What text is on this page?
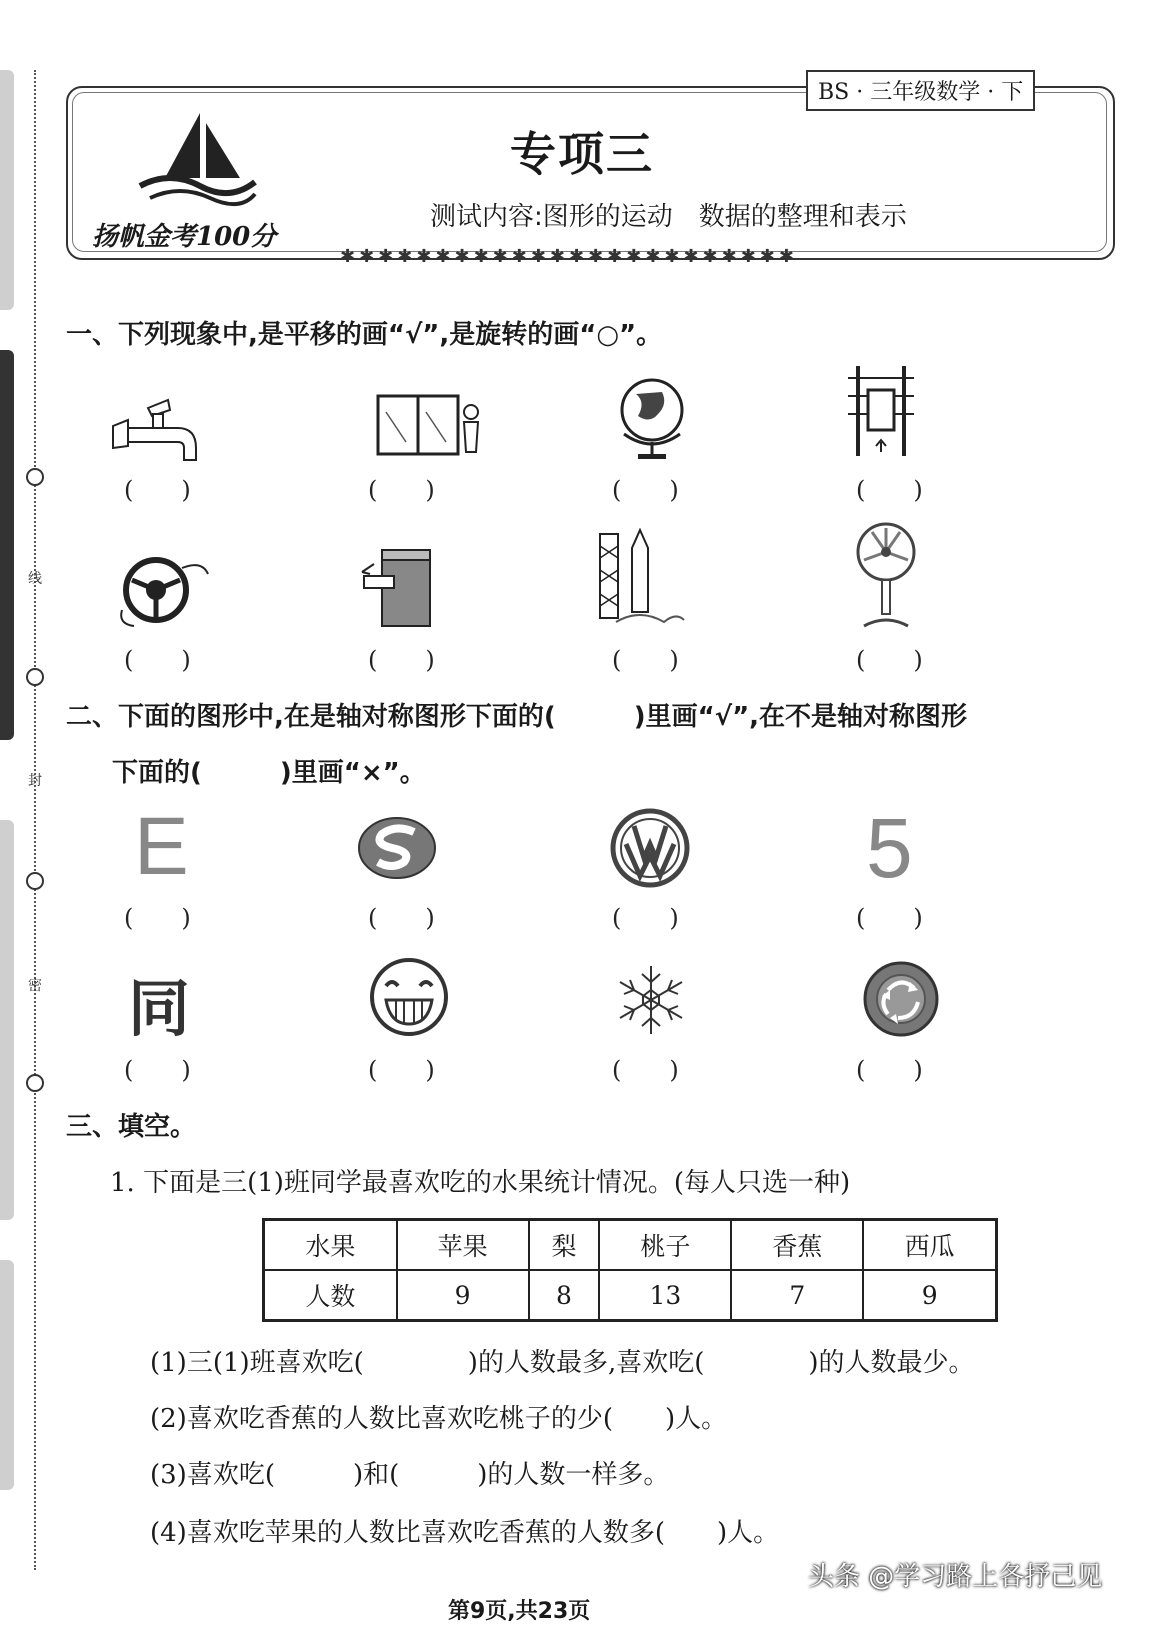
线
封
密
BS · 三年级数学 · 下
扬帆金考100分
专项三
测试内容:图形的运动　数据的整理和表示
✱✱✱✱✱✱✱✱✱✱✱✱✱✱✱✱✱✱✱✱✱✱✱✱
一、下列现象中,是平移的画“√”,是旋转的画“○”。
(　　)	(　　)	(　　)	(　　)
(　　)	(　　)	(　　)	(　　)
二、下面的图形中,在是轴对称图形下面的(　　　)里画“√”,在不是轴对称图形
下面的(　　　)里画“×”。
E	5
(　　)	(　　)	(　　)	(　　)
同
(　　)	(　　)	(　　)	(　　)
三、填空。
1. 下面是三(1)班同学最喜欢吃的水果统计情况。(每人只选一种)
水果	苹果	梨	桃子	香蕉	西瓜
人数	9	8	13	7	9
(1)三(1)班喜欢吃(　　　　)的人数最多,喜欢吃(　　　　)的人数最少。
(2)喜欢吃香蕉的人数比喜欢吃桃子的少(　　)人。
(3)喜欢吃(　　　)和(　　　)的人数一样多。
(4)喜欢吃苹果的人数比喜欢吃香蕉的人数多(　　)人。
头条 @学习路上各抒己见
第9页,共23页
